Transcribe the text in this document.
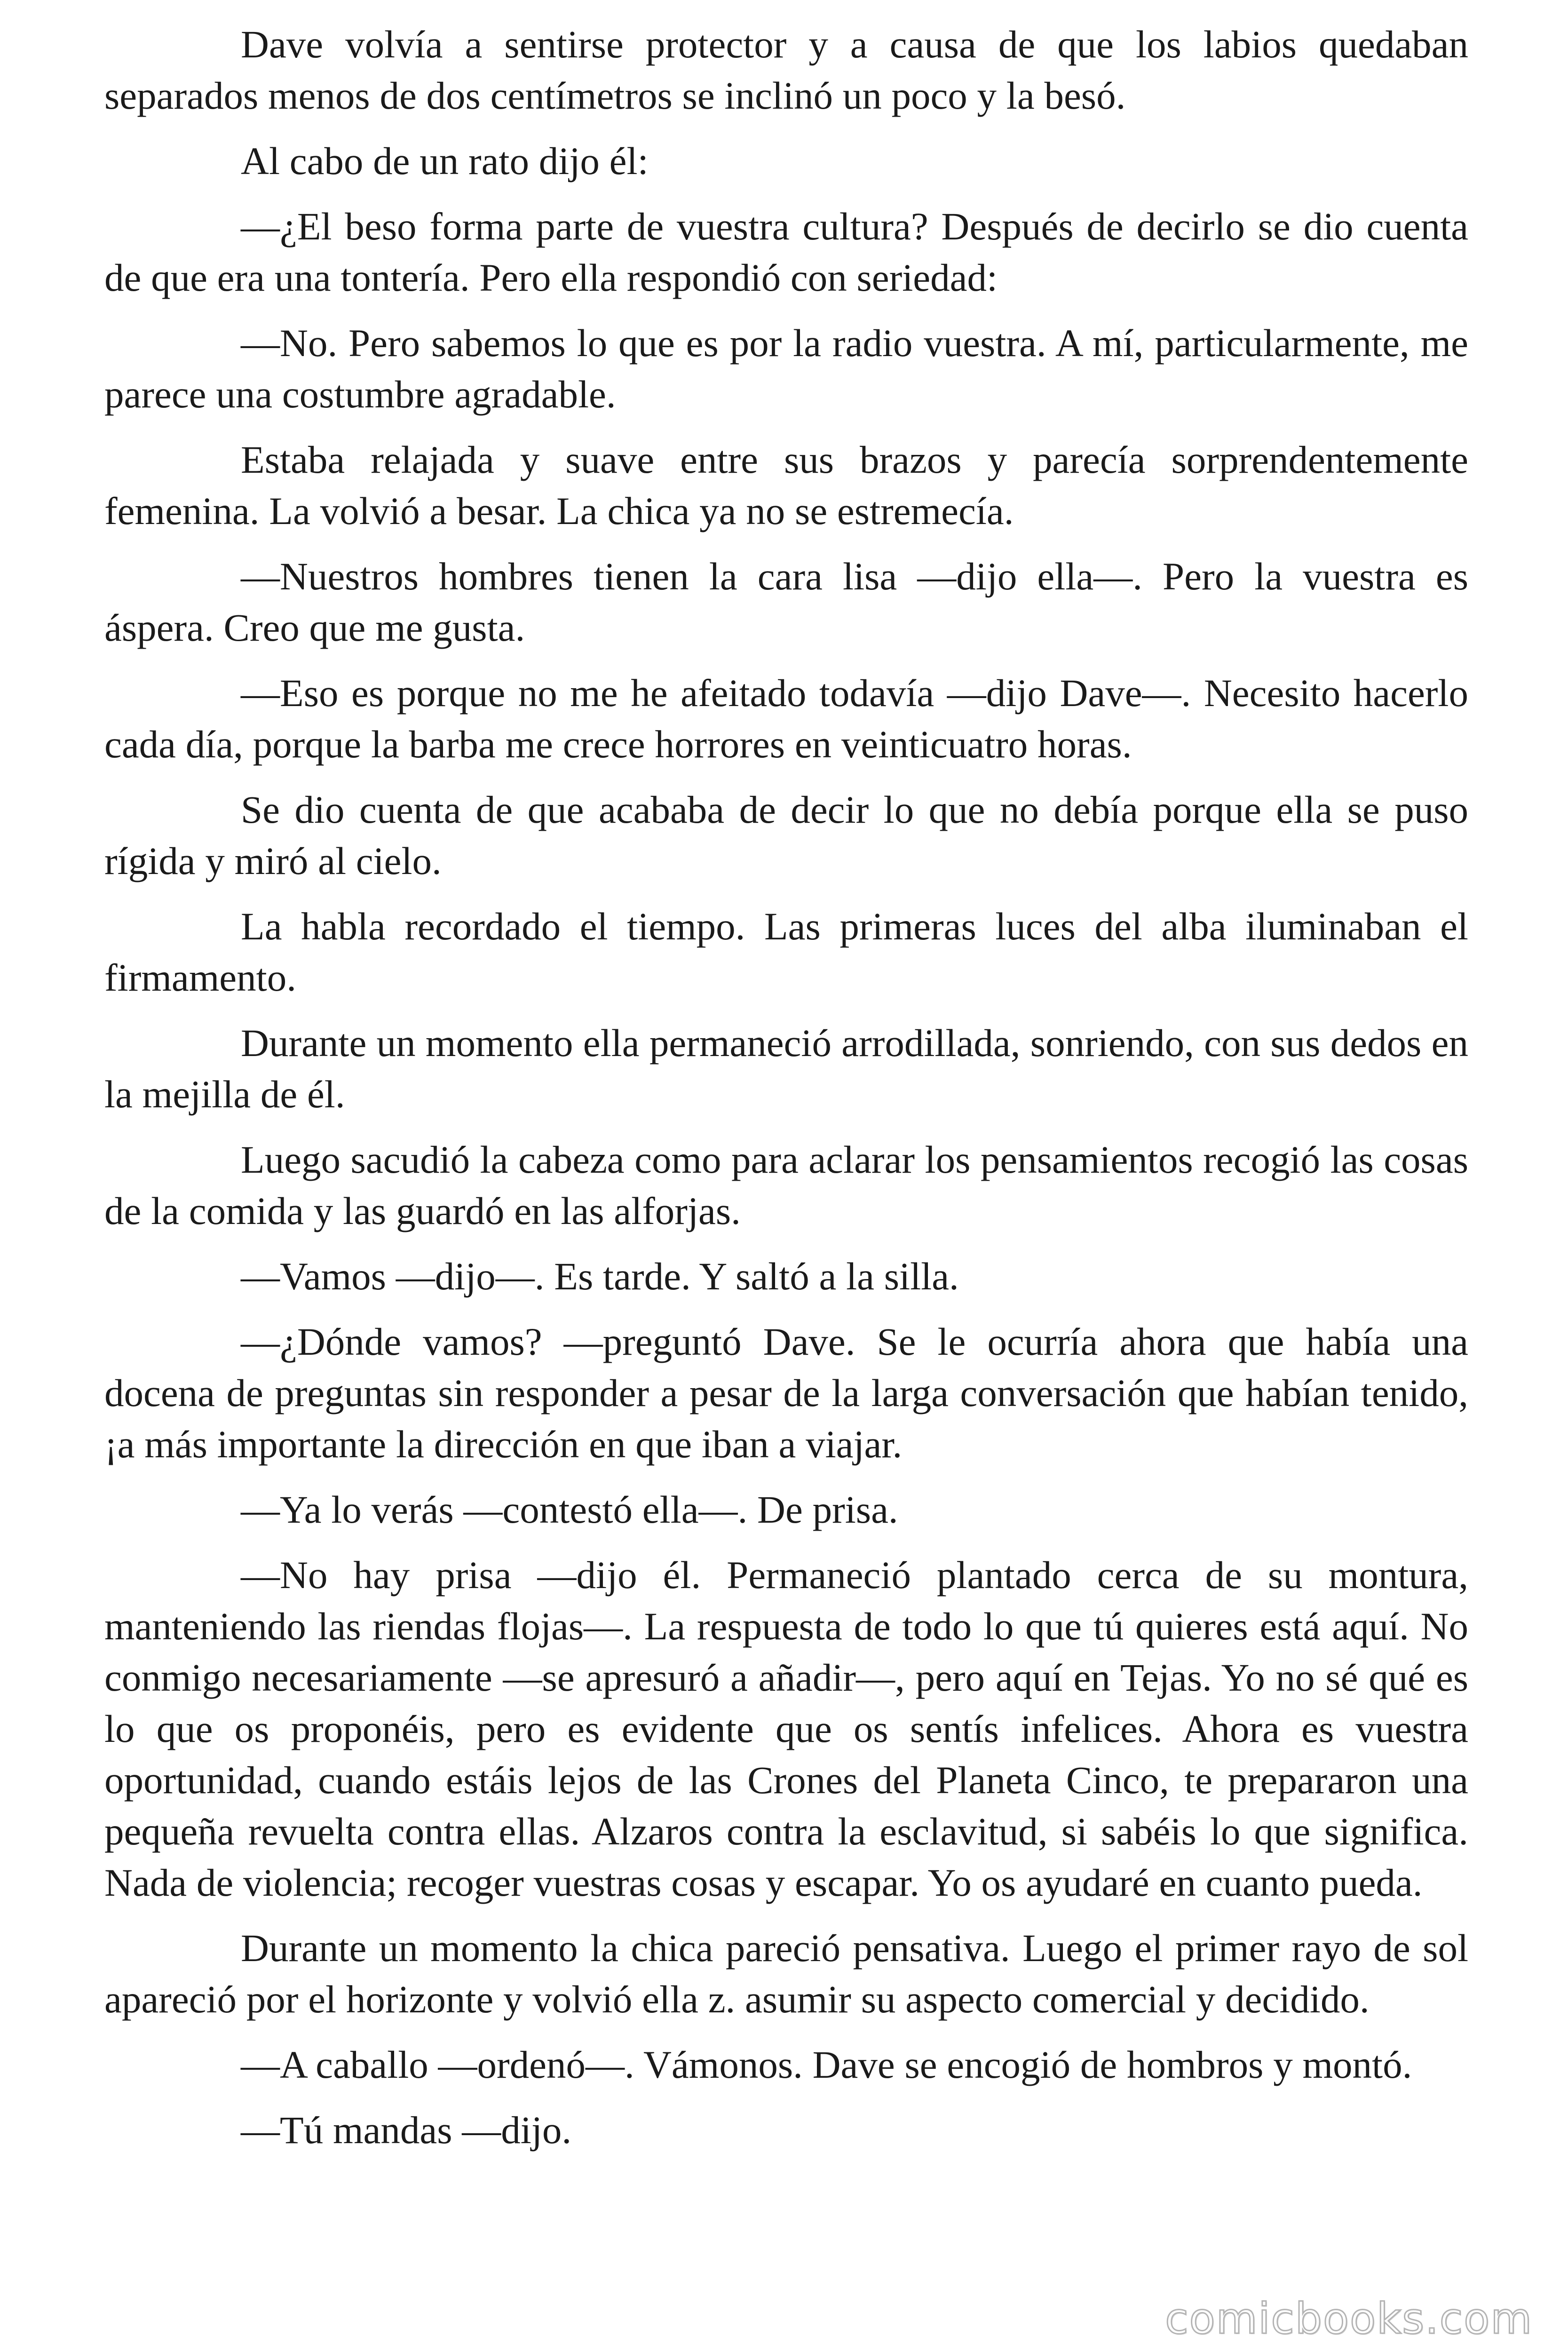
Dave volvía a sentirse protector y a causa de que los labios quedaban separados menos de dos centímetros se inclinó un poco y la besó.

Al cabo de un rato dijo él:

—¿El beso forma parte de vuestra cultura? Después de decirlo se dio cuenta de que era una tontería. Pero ella respondió con seriedad:

—No. Pero sabemos lo que es por la radio vuestra. A mí, particularmente, me parece una costumbre agradable.

Estaba relajada y suave entre sus brazos y parecía sorprendentemente femenina. La volvió a besar. La chica ya no se estremecía.

—Nuestros hombres tienen la cara lisa —dijo ella—. Pero la vuestra es áspera. Creo que me gusta.

—Eso es porque no me he afeitado todavía —dijo Dave—. Necesito hacerlo cada día, porque la barba me crece horrores en veinticuatro horas.

Se dio cuenta de que acababa de decir lo que no debía porque ella se puso rígida y miró al cielo.

La habla recordado el tiempo. Las primeras luces del alba iluminaban el firmamento.

Durante un momento ella permaneció arrodillada, sonriendo, con sus dedos en la mejilla de él.

Luego sacudió la cabeza como para aclarar los pensamientos recogió las cosas de la comida y las guardó en las alforjas.

—Vamos —dijo—. Es tarde. Y saltó a la silla.

—¿Dónde vamos? —preguntó Dave. Se le ocurría ahora que había una docena de preguntas sin responder a pesar de la larga conversación que habían tenido, ¡a más importante la dirección en que iban a viajar.

—Ya lo verás —contestó ella—. De prisa.

—No hay prisa —dijo él. Permaneció plantado cerca de su montura, manteniendo las riendas flojas—. La respuesta de todo lo que tú quieres está aquí. No conmigo necesariamente —se apresuró a añadir—, pero aquí en Tejas. Yo no sé qué es lo que os proponéis, pero es evidente que os sentís infelices. Ahora es vuestra oportunidad, cuando estáis lejos de las Crones del Planeta Cinco, te prepararon una pequeña revuelta contra ellas. Alzaros contra la esclavitud, si sabéis lo que significa. Nada de violencia; recoger vuestras cosas y escapar. Yo os ayudaré en cuanto pueda.

Durante un momento la chica pareció pensativa. Luego el primer rayo de sol apareció por el horizonte y volvió ella z. asumir su aspecto comercial y decidido.

—A caballo —ordenó—. Vámonos. Dave se encogió de hombros y montó.

—Tú mandas —dijo.

comicbooks.com
